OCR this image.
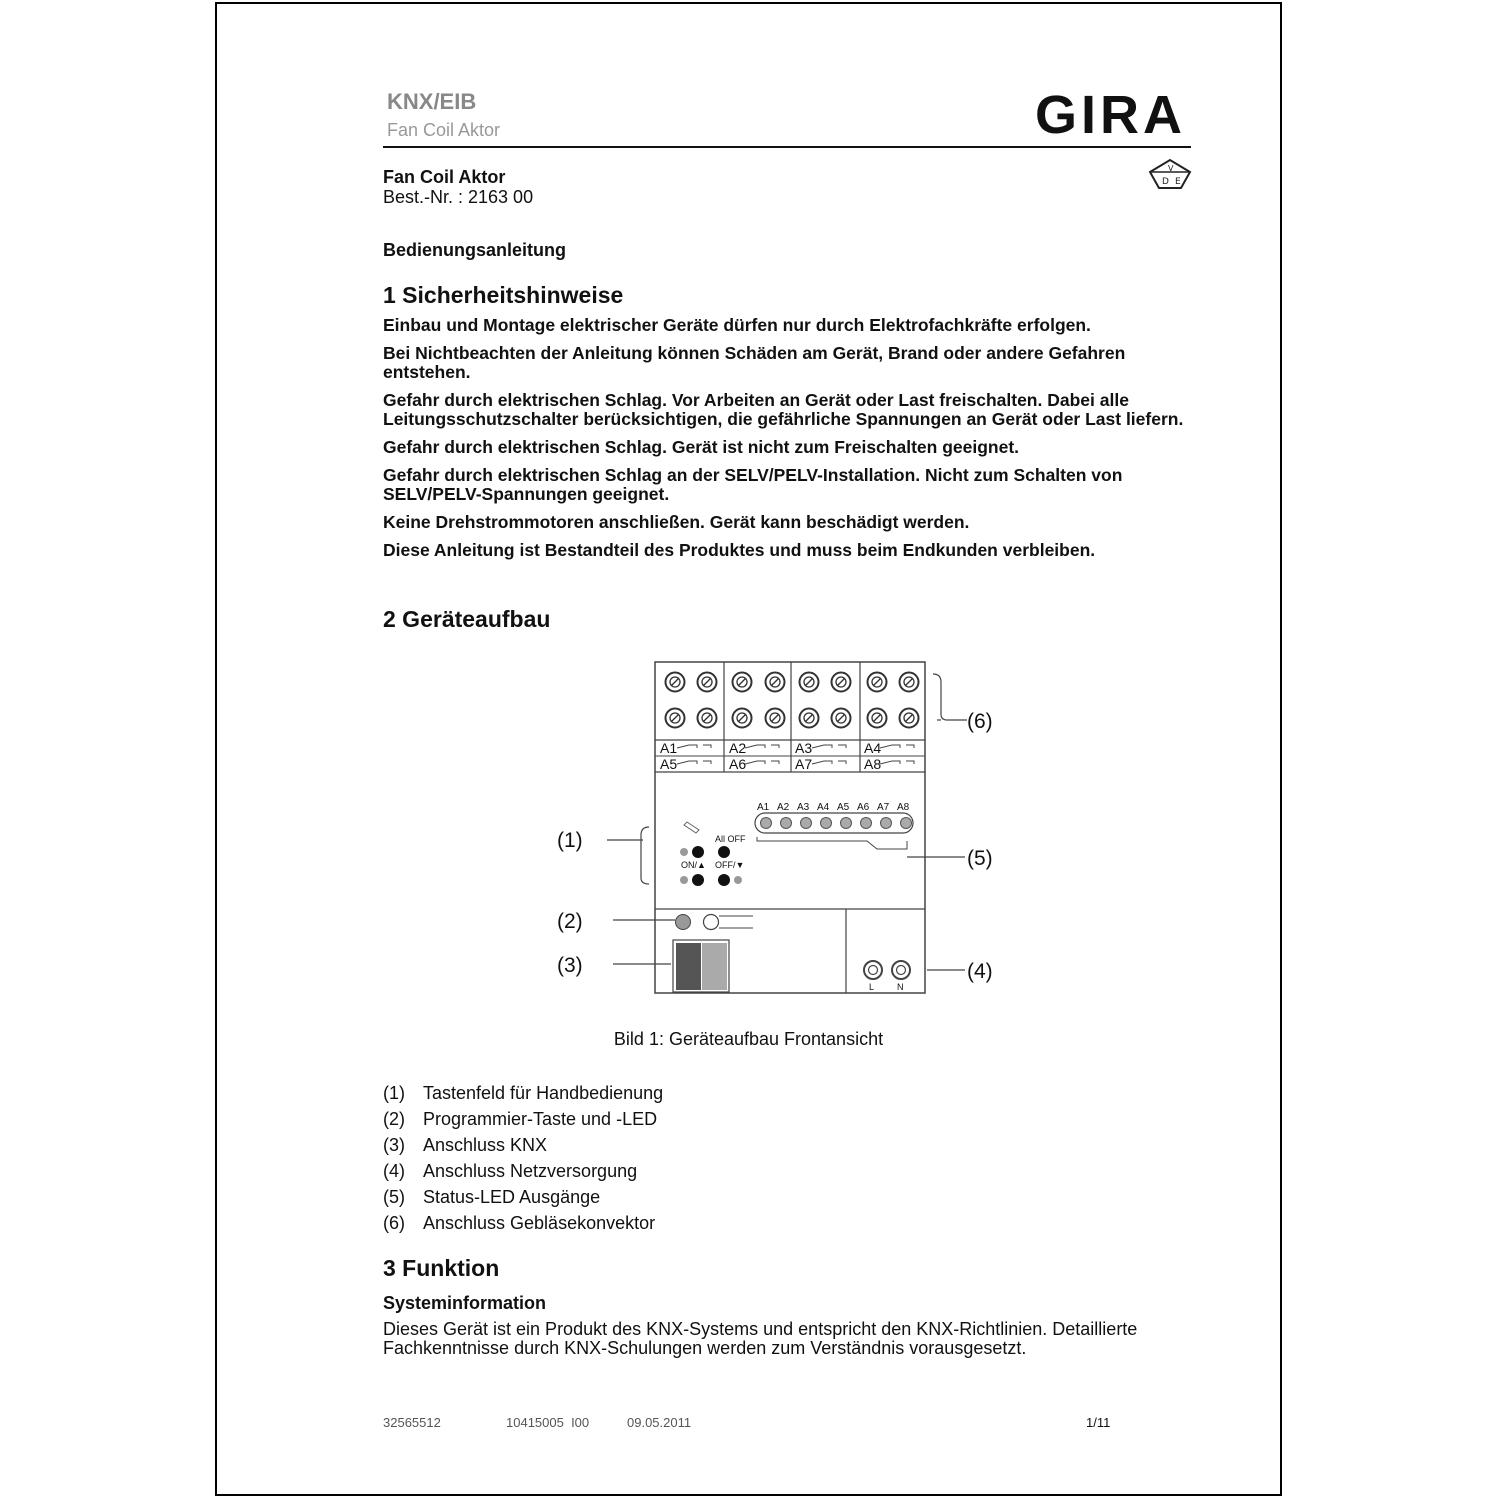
KNX/EIB
Fan Coil Aktor	GIRA
D
V
E
Fan Coil Aktor
Best.-Nr. : 2163 00
Bedienungsanleitung
1 Sicherheitshinweise

Einbau und Montage elektrischer Geräte dürfen nur durch Elektrofachkräfte erfolgen.

Bei Nichtbeachten der Anleitung können Schäden am Gerät, Brand oder andere Gefahren entstehen.

Gefahr durch elektrischen Schlag. Vor Arbeiten an Gerät oder Last freischalten. Dabei alle Leitungsschutzschalter berücksichtigen, die gefährliche Spannungen an Gerät oder Last liefern.

Gefahr durch elektrischen Schlag. Gerät ist nicht zum Freischalten geeignet.

Gefahr durch elektrischen Schlag an der SELV/PELV-Installation. Nicht zum Schalten von SELV/PELV-Spannungen geeignet.

Keine Drehstrommotoren anschließen. Gerät kann beschädigt werden.

Diese Anleitung ist Bestandteil des Produktes und muss beim Endkunden verbleiben.

2 Geräteaufbau
A1	A2	A3	A4
A5	A6	A7	A8
A1 A2 A3 A4 A5 A6 A7 A8
All OFF
ON/▲ OFF/▼
L	N
(6)
(1)
(2)
(3)
(5)
(4)
Bild 1: Geräteaufbau Frontansicht
(1) Tastenfeld für Handbedienung
(2) Programmier-Taste und -LED
(3) Anschluss KNX
(4) Anschluss Netzversorgung
(5) Status-LED Ausgänge
(6) Anschluss Gebläsekonvektor
3 Funktion
Systeminformation
Dieses Gerät ist ein Produkt des KNX-Systems und entspricht den KNX-Richtlinien. Detaillierte Fachkenntnisse durch KNX-Schulungen werden zum Verständnis vorausgesetzt.
32565512	10415005  I00	09.05.2011	1/11
